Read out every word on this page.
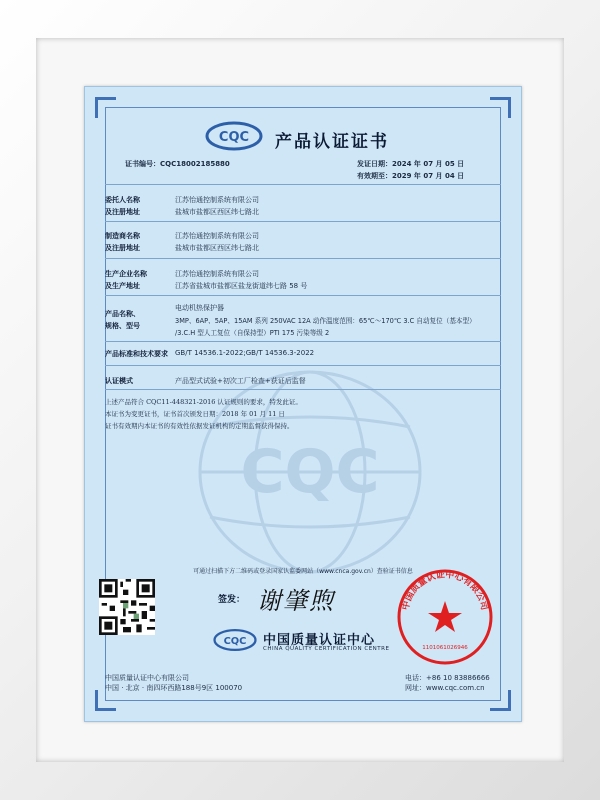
CQC
CQC 产品认证证书
证书编号：CQC18002185880	发证日期：2024 年 07 月 05 日
有效期至：2029 年 07 月 04 日
委托人名称
及注册地址
江苏怡通控制系统有限公司
盐城市盐都区西区纬七路北
制造商名称
及注册地址
江苏怡通控制系统有限公司
盐城市盐都区西区纬七路北
生产企业名称
及生产地址
江苏怡通控制系统有限公司
江苏省盐城市盐都区盐龙街道纬七路 58 号
产品名称、
规格、型号
电动机热保护器
3MP、6AP、5AP、15AM 系列 250VAC 12A 动作温度范围：65℃～170℃ 3.C 自动复位（基本型）
/3.C.H 型人工复位（自保持型）PTI 175 污染等级 2
产品标准和技术要求 GB/T 14536.1-2022;GB/T 14536.3-2022
认证模式	产品型式试验+初次工厂检查+获证后监督
上述产品符合 CQC11-448321-2016 认证规则的要求，特发此证。
本证书为变更证书，证书首次颁发日期：2018 年 01 月 11 日
证书有效期内本证书的有效性依据发证机构的定期监督获得保持。
可通过扫描下方二维码或登录国家认监委网站（www.cnca.gov.cn）查验证书信息
签发： 谢肇煦
CQC 中国质量认证中心
CHINA QUALITY CERTIFICATION CENTRE
中国质量认证中心有限公司
1101061026946
中国质量认证中心有限公司
中国 · 北京 · 南四环西路188号9区 100070
电话：+86 10 83886666
网址：www.cqc.com.cn
